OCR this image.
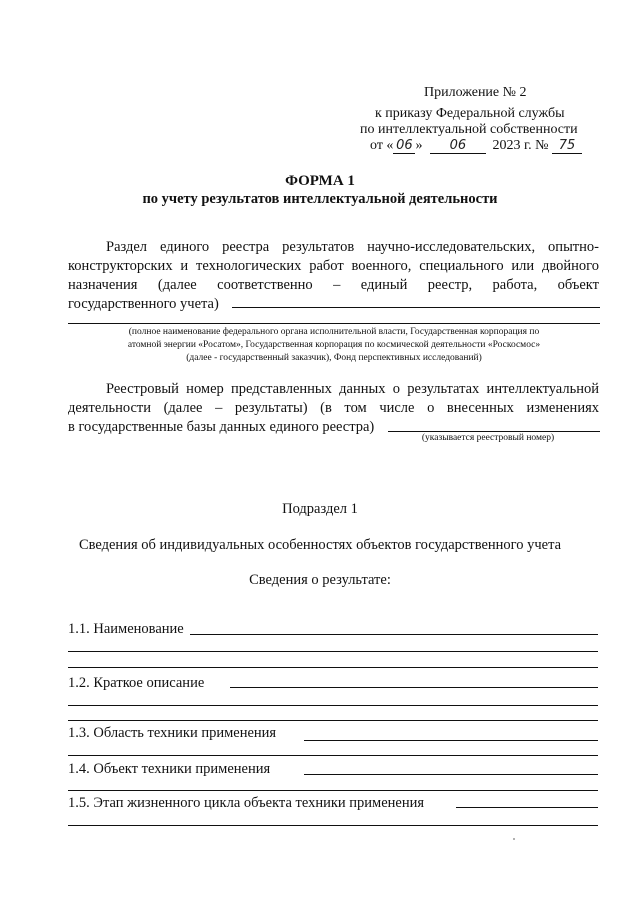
Приложение № 2
к приказу Федеральной службы
по интеллектуальной собственности
от « 06 » 06 2023 г. № 75
ФОРМА 1
по учету результатов интеллектуальной деятельности
Раздел единого реестра результатов научно-исследовательских, опытно-
конструкторских и технологических работ военного, специального или двойного
назначения (далее соответственно – единый реестр, работа, объект
государственного учета)
(полное наименование федерального органа исполнительной власти, Государственная корпорация по
атомной энергии «Росатом», Государственная корпорация по космической деятельности «Роскосмос»
(далее - государственный заказчик), Фонд перспективных исследований)
Реестровый номер представленных данных о результатах интеллектуальной
деятельности (далее – результаты) (в том числе о внесенных изменениях
в государственные базы данных единого реестра)
(указывается реестровый номер)
Подраздел 1
Сведения об индивидуальных особенностях объектов государственного учета
Сведения о результате:
1.1. Наименование
1.2. Краткое описание
1.3. Область техники применения
1.4. Объект техники применения
1.5. Этап жизненного цикла объекта техники применения
